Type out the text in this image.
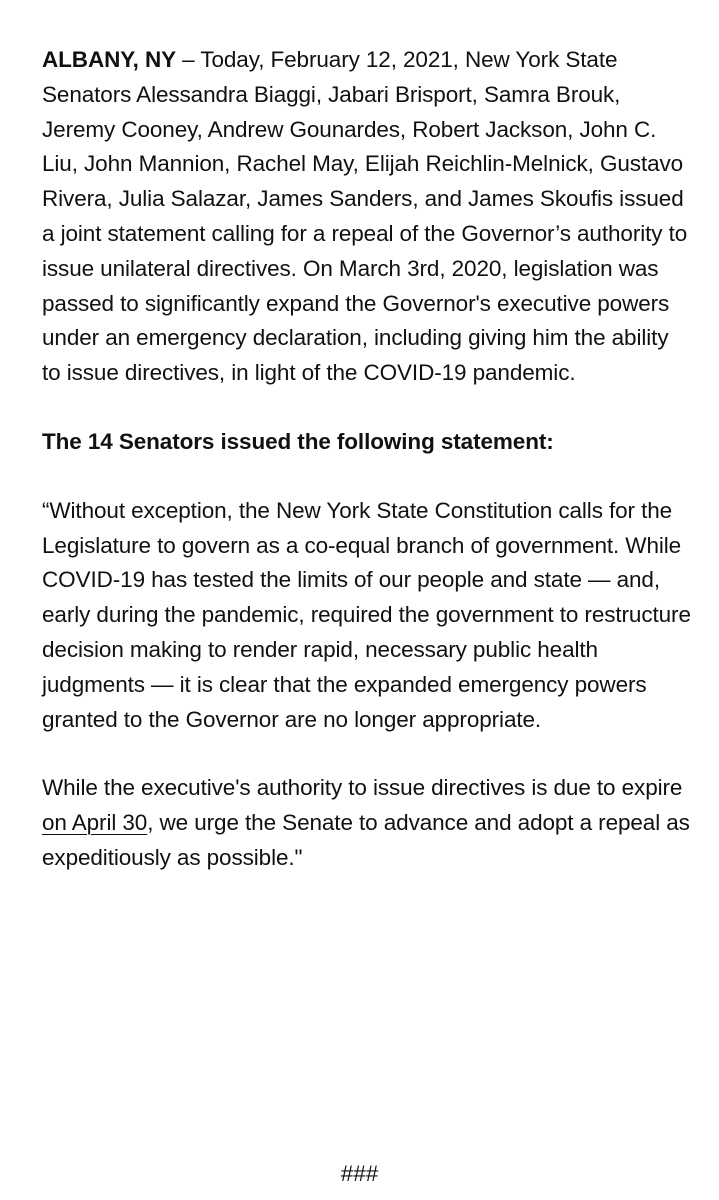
ALBANY, NY – Today, February 12, 2021, New York State Senators Alessandra Biaggi, Jabari Brisport, Samra Brouk, Jeremy Cooney, Andrew Gounardes, Robert Jackson, John C. Liu, John Mannion, Rachel May, Elijah Reichlin-Melnick, Gustavo Rivera, Julia Salazar, James Sanders, and James Skoufis issued a joint statement calling for a repeal of the Governor’s authority to issue unilateral directives. On March 3rd, 2020, legislation was passed to significantly expand the Governor's executive powers under an emergency declaration, including giving him the ability to issue directives, in light of the COVID-19 pandemic.

The 14 Senators issued the following statement:

“Without exception, the New York State Constitution calls for the Legislature to govern as a co-equal branch of government. While COVID-19 has tested the limits of our people and state — and, early during the pandemic, required the government to restructure decision making to render rapid, necessary public health judgments — it is clear that the expanded emergency powers granted to the Governor are no longer appropriate.

While the executive's authority to issue directives is due to expire on April 30, we urge the Senate to advance and adopt a repeal as expeditiously as possible."

###
